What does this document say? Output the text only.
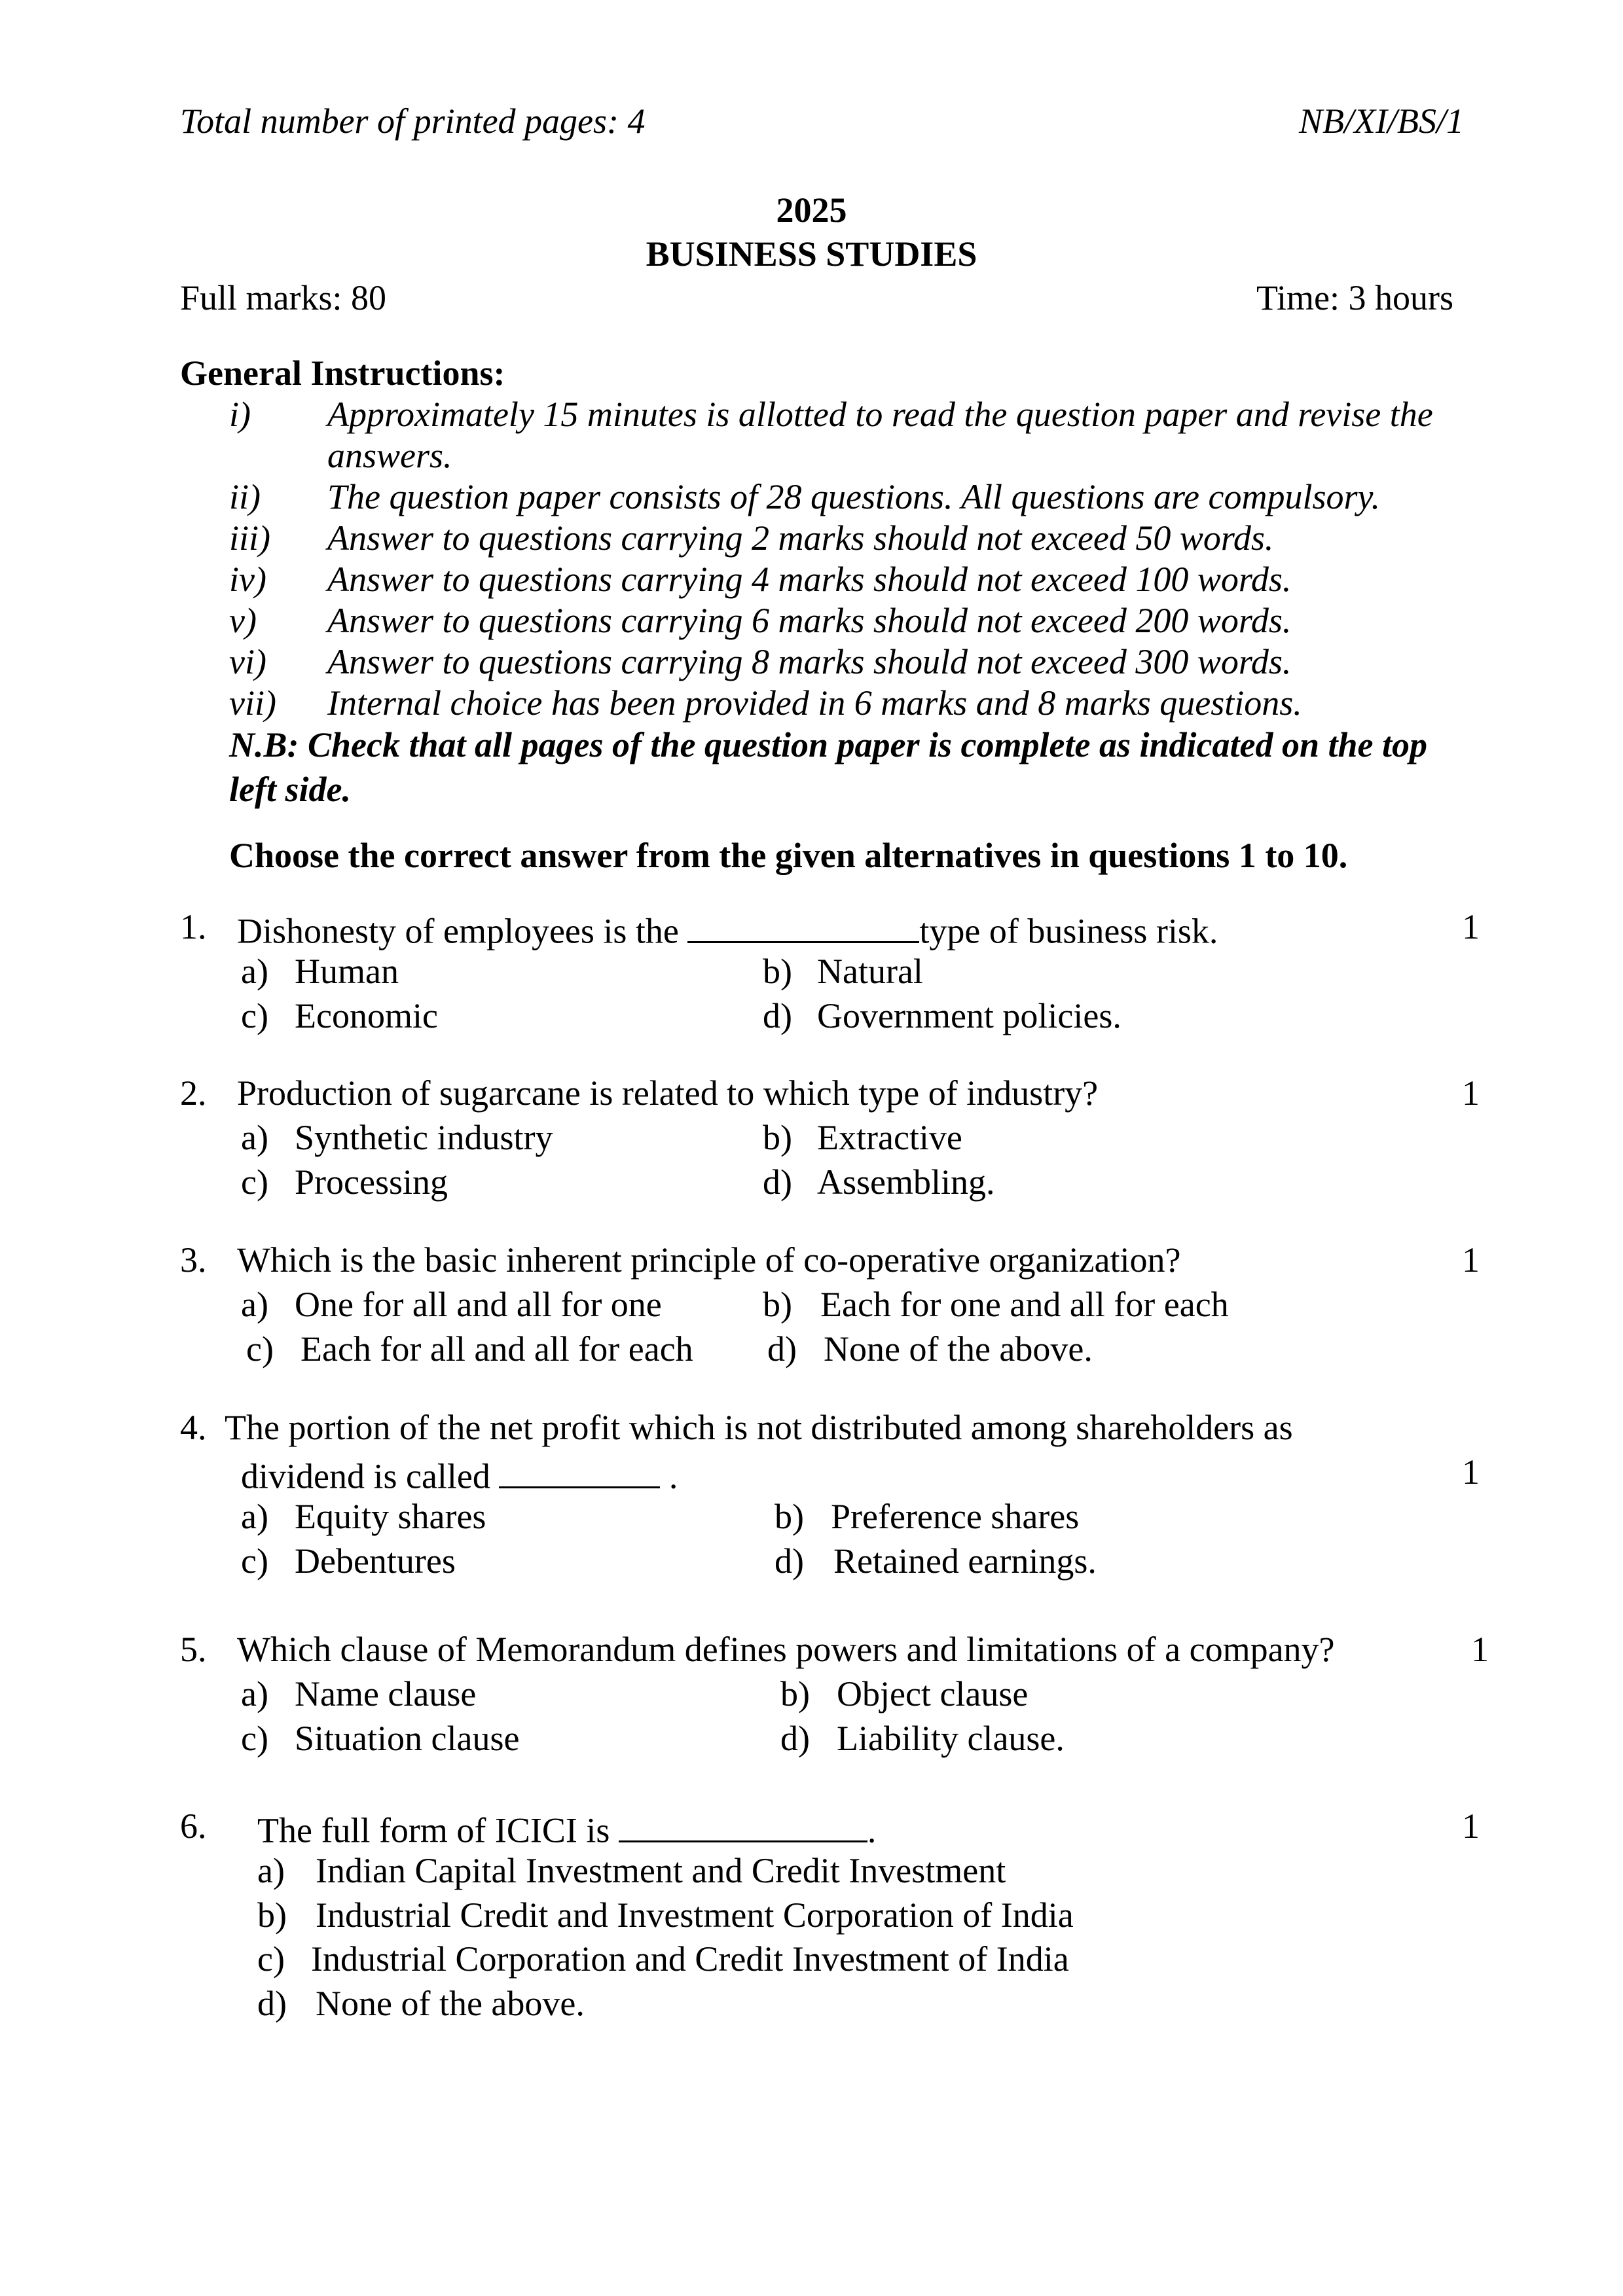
Total number of printed pages: 4	NB/XI/BS/1
2025
BUSINESS STUDIES
Full marks: 80	Time: 3 hours
General Instructions:
i) Approximately 15 minutes is allotted to read the question paper and revise the
answers.
ii) The question paper consists of 28 questions. All questions are compulsory.
iii) Answer to questions carrying 2 marks should not exceed 50 words.
iv) Answer to questions carrying 4 marks should not exceed 100 words.
v) Answer to questions carrying 6 marks should not exceed 200 words.
vi) Answer to questions carrying 8 marks should not exceed 300 words.
vii) Internal choice has been provided in 6 marks and 8 marks questions.
N.B: Check that all pages of the question paper is complete as indicated on the top
left side.
Choose the correct answer from the given alternatives in questions 1 to 10.
1. Dishonesty of employees is the	type of business risk.	1
a) Human	b) Natural
c) Economic	d) Government policies.
2. Production of sugarcane is related to which type of industry?	1
a) Synthetic industry	b) Extractive
c) Processing	d) Assembling.
3. Which is the basic inherent principle of co-operative organization?	1
a) One for all and all for one	b) Each for one and all for each
c) Each for all and all for each d) None of the above.
4. The portion of the net profit which is not distributed among shareholders as
dividend is called	.	1
a) Equity shares	b) Preference shares
c) Debentures	d) Retained earnings.
5. Which clause of Memorandum defines powers and limitations of a company?	1
a) Name clause	b) Object clause
c) Situation clause	d) Liability clause.
6. The full form of ICICI is	.	1
a) Indian Capital Investment and Credit Investment
b) Industrial Credit and Investment Corporation of India
c) Industrial Corporation and Credit Investment of India
d) None of the above.
